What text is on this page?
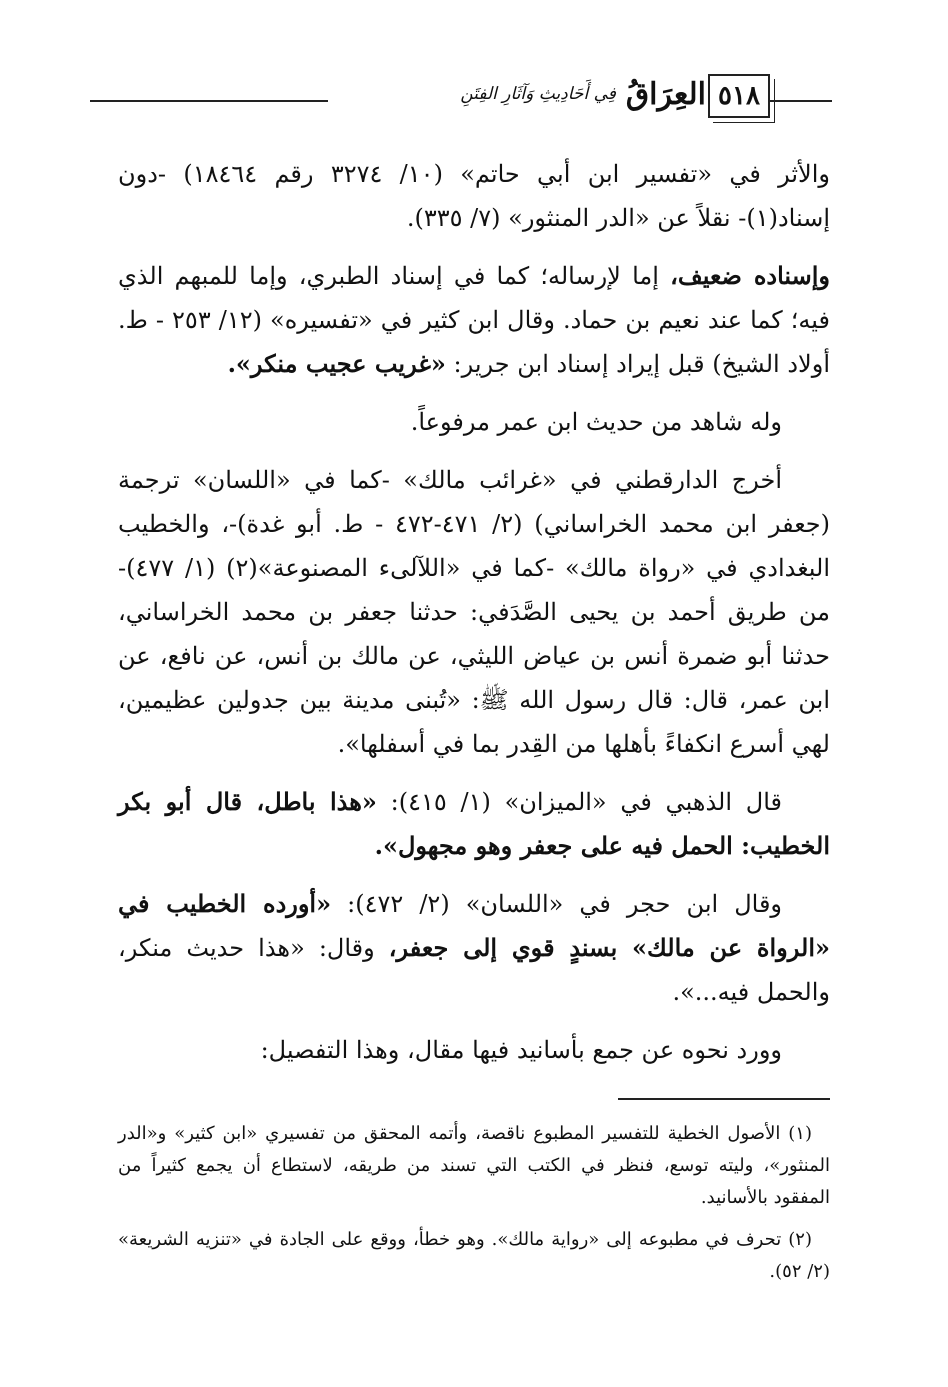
العِرَاقُ
فِي أَحَادِيثِ وَآثَارِ الفِتَنِ	٥١٨

والأثر في «تفسير ابن أبي حاتم» (١٠/ ٣٢٧٤ رقم ١٨٤٦٤) -دون إسناد(١)- نقلاً عن «الدر المنثور» (٧/ ٣٣٥).

وإسناده ضعيف، إما لإرساله؛ كما في إسناد الطبري، وإما للمبهم الذي فيه؛ كما عند نعيم بن حماد. وقال ابن كثير في «تفسيره» (١٢/ ٢٥٣ - ط. أولاد الشيخ) قبل إيراد إسناد ابن جرير: «غريب عجيب منكر».

وله شاهد من حديث ابن عمر مرفوعاً.

أخرج الدارقطني في «غرائب مالك» -كما في «اللسان» ترجمة (جعفر ابن محمد الخراساني) (٢/ ٤٧١-٤٧٢ - ط. أبو غدة)-، والخطيب البغدادي في «رواة مالك» -كما في «اللآلىء المصنوعة»(٢) (١/ ٤٧٧)- من طريق أحمد بن يحيى الصَّدَفي: حدثنا جعفر بن محمد الخراساني، حدثنا أبو ضمرة أنس بن عياض الليثي، عن مالك بن أنس، عن نافع، عن ابن عمر، قال: قال رسول الله ﷺ: «تُبنى مدينة بين جدولين عظيمين، لهي أسرع انكفاءً بأهلها من القِدر بما في أسفلها».

قال الذهبي في «الميزان» (١/ ٤١٥): «هذا باطل، قال أبو بكر الخطيب: الحمل فيه على جعفر وهو مجهول».

وقال ابن حجر في «اللسان» (٢/ ٤٧٢): «أورده الخطيب في «الرواة عن مالك» بسندٍ قوي إلى جعفر، وقال: «هذا حديث منكر، والحمل فيه...».

وورد نحوه عن جمع بأسانيد فيها مقال، وهذا التفصيل:

(١) الأصول الخطية للتفسير المطبوع ناقصة، وأتمه المحقق من تفسيري «ابن كثير» و«الدر المنثور»، وليته توسع، فنظر في الكتب التي تسند من طريقه، لاستطاع أن يجمع كثيراً من المفقود بالأسانيد.

(٢) تحرف في مطبوعه إلى «رواية مالك». وهو خطأ، ووقع على الجادة في «تنزيه الشريعة» (٢/ ٥٢).
